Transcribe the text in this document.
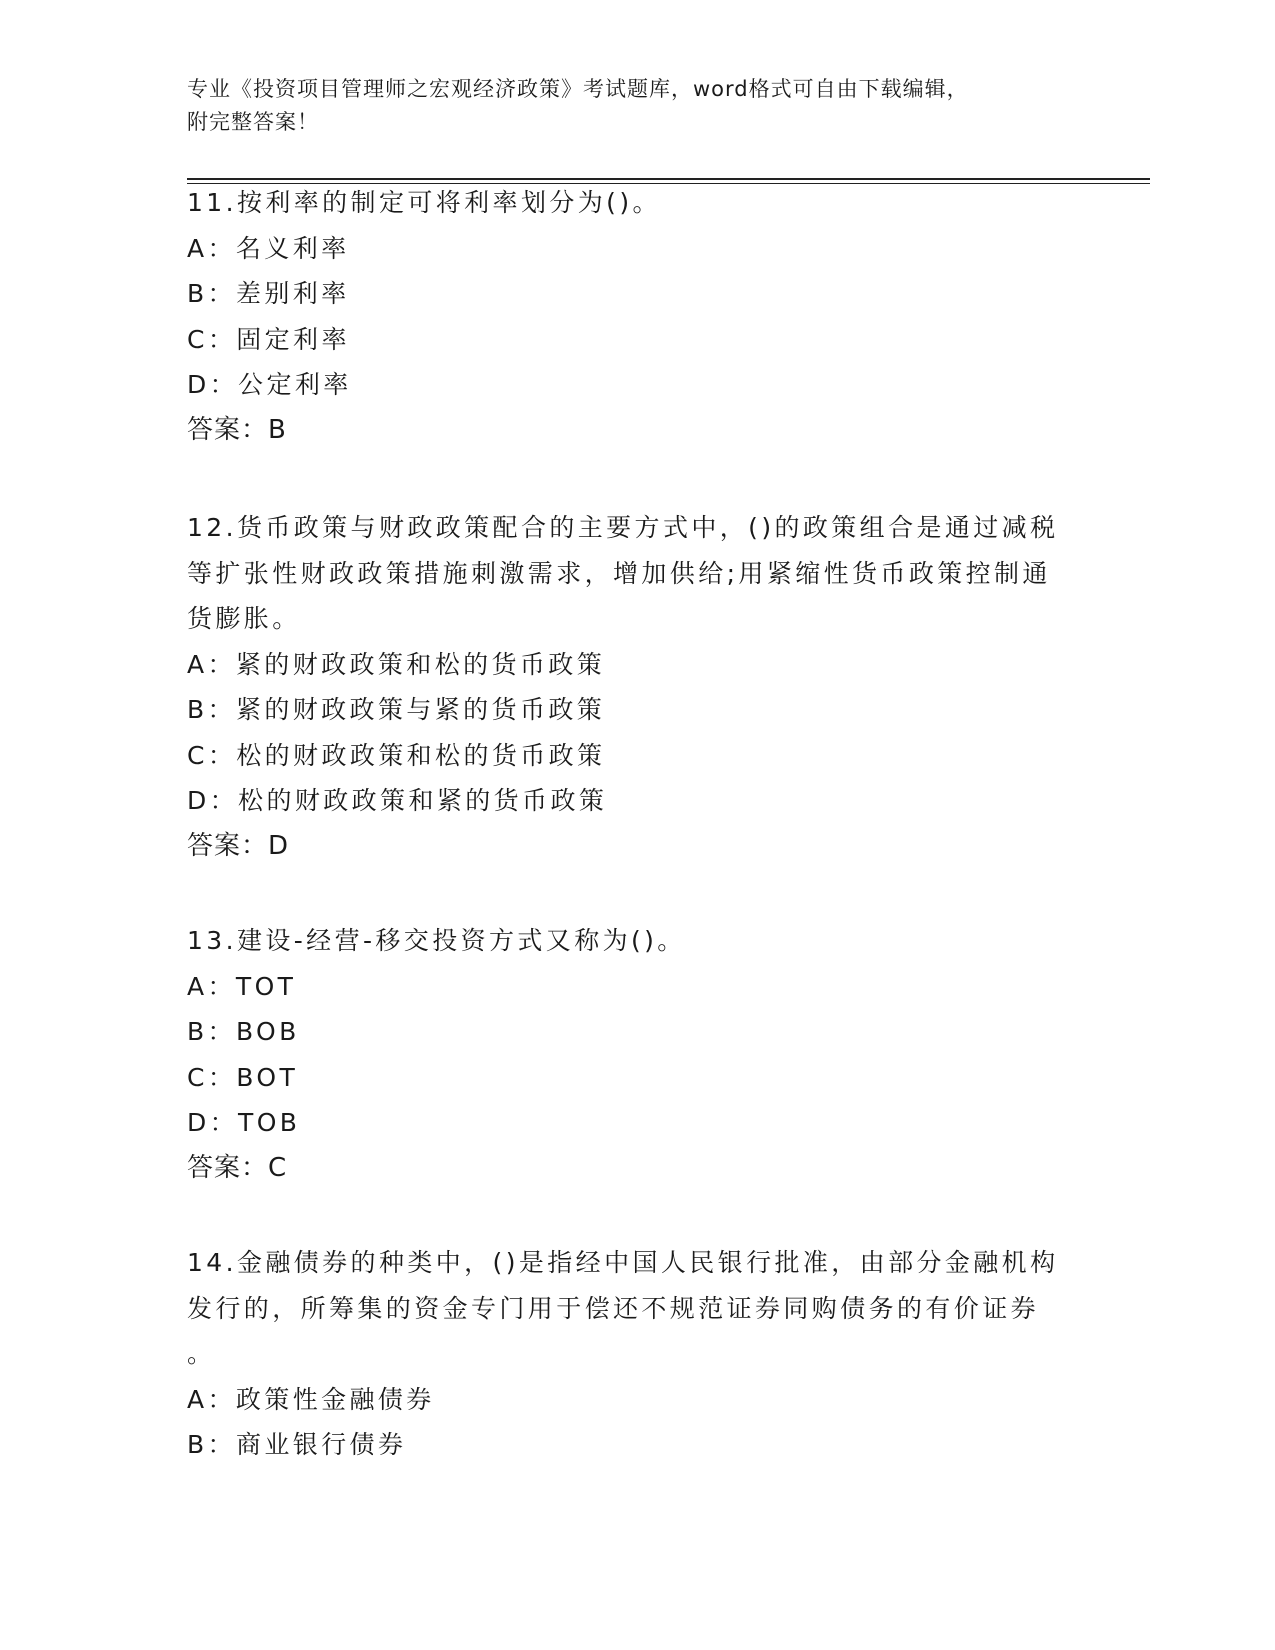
专业《投资项目管理师之宏观经济政策》考试题库，word格式可自由下载编辑，
附完整答案！
11.按利率的制定可将利率划分为()。
A：名义利率
B：差别利率
C：固定利率
D：公定利率
答案：B
12.货币政策与财政政策配合的主要方式中，()的政策组合是通过减税
等扩张性财政政策措施刺激需求，增加供给;用紧缩性货币政策控制通
货膨胀。
A：紧的财政政策和松的货币政策
B：紧的财政政策与紧的货币政策
C：松的财政政策和松的货币政策
D：松的财政政策和紧的货币政策
答案：D
13.建设-经营-移交投资方式又称为()。
A：TOT
B：BOB
C：BOT
D：TOB
答案：C
14.金融债券的种类中，()是指经中国人民银行批准，由部分金融机构
发行的，所筹集的资金专门用于偿还不规范证券同购债务的有价证券
。
A：政策性金融债券
B：商业银行债券
